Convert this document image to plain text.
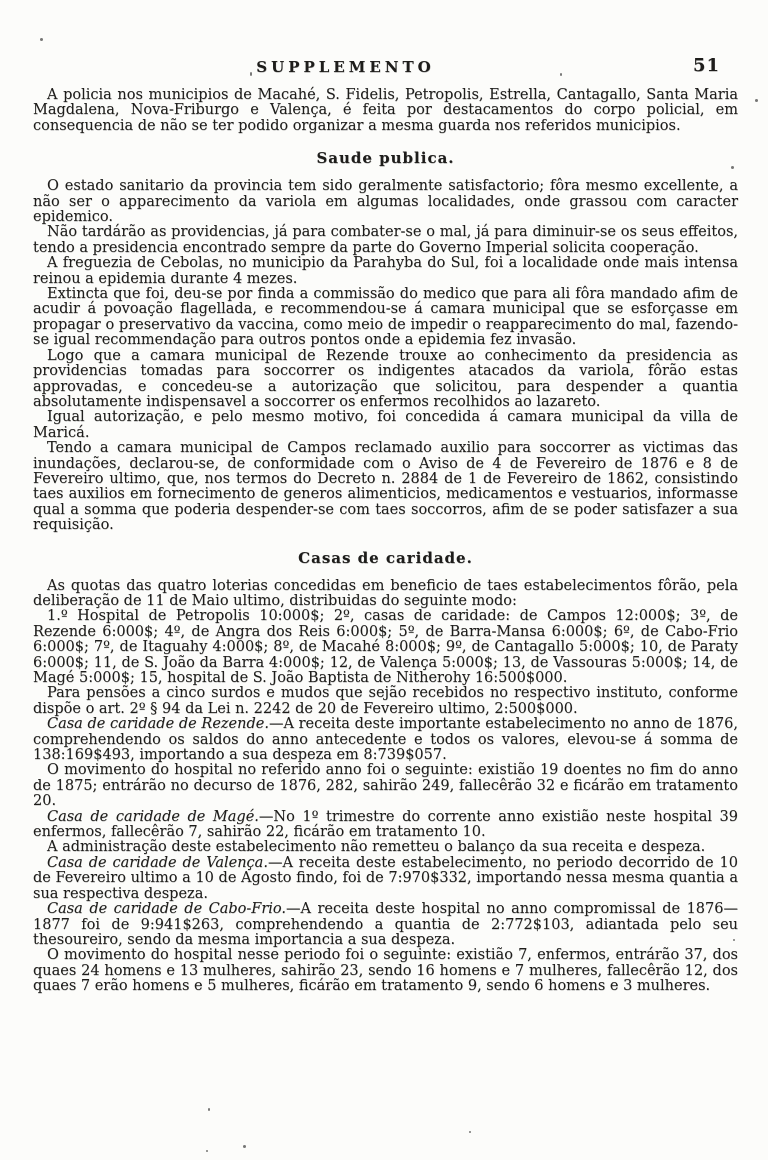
SUPPLEMENTO	51

A policia nos municipios de Macahé, S. Fidelis, Petropolis, Estrella, Cantagallo, Santa Maria Magdalena, Nova-Friburgo e Valença, é feita por destacamentos do corpo policial, em consequencia de não se ter podido organizar a mesma guarda nos referidos municipios.

Saude publica.

O estado sanitario da provincia tem sido geralmente satisfactorio; fôra mesmo excellente, a não ser o apparecimento da variola em algumas localidades, onde grassou com caracter epidemico.

Não tardárão as providencias, já para combater-se o mal, já para diminuir-se os seus effeitos, tendo a presidencia encontrado sempre da parte do Governo Imperial solicita cooperação.

A freguezia de Cebolas, no municipio da Parahyba do Sul, foi a localidade onde mais intensa reinou a epidemia durante 4 mezes.

Extincta que foi, deu-se por finda a commissão do medico que para ali fôra mandado afim de acudir á povoação flagellada, e recommendou-se á camara municipal que se esforçasse em propagar o preservativo da vaccina, como meio de impedir o reapparecimento do mal, fazendo-se igual recommendação para outros pontos onde a epidemia fez invasão.

Logo que a camara municipal de Rezende trouxe ao conhecimento da presidencia as providencias tomadas para soccorrer os indigentes atacados da variola, fôrão estas approvadas, e concedeu-se a autorização que solicitou, para despender a quantia absolutamente indispensavel a soccorrer os enfermos recolhidos ao lazareto.

Igual autorização, e pelo mesmo motivo, foi concedida á camara municipal da villa de Maricá.

Tendo a camara municipal de Campos reclamado auxilio para soccorrer as victimas das inundações, declarou-se, de conformidade com o Aviso de 4 de Fevereiro de 1876 e 8 de Fevereiro ultimo, que, nos termos do Decreto n. 2884 de 1 de Fevereiro de 1862, consistindo taes auxilios em fornecimento de generos alimenticios, medicamentos e vestuarios, informasse qual a somma que poderia despender-se com taes soccorros, afim de se poder satisfazer a sua requisição.

Casas de caridade.

As quotas das quatro loterias concedidas em beneficio de taes estabelecimentos fôrão, pela deliberação de 11 de Maio ultimo, distribuidas do seguinte modo:

1.º Hospital de Petropolis 10:000$; 2º, casas de caridade: de Campos 12:000$; 3º, de Rezende 6:000$; 4º, de Angra dos Reis 6:000$; 5º, de Barra-Mansa 6:000$; 6º, de Cabo-Frio 6:000$; 7º, de Itaguahy 4:000$; 8º, de Macahé 8:000$; 9º, de Cantagallo 5:000$; 10, de Paraty 6:000$; 11, de S. João da Barra 4:000$; 12, de Valença 5:000$; 13, de Vassouras 5:000$; 14, de Magé 5:000$; 15, hospital de S. João Baptista de Nitherohy 16:500$000.

Para pensões a cinco surdos e mudos que sejão recebidos no respectivo instituto, conforme dispõe o art. 2º § 94 da Lei n. 2242 de 20 de Fevereiro ultimo, 2:500$000.

Casa de caridade de Rezende.—A receita deste importante estabelecimento no anno de 1876, comprehendendo os saldos do anno antecedente e todos os valores, elevou-se á somma de 138:169$493, importando a sua despeza em 8:739$057.

O movimento do hospital no referido anno foi o seguinte: existião 19 doentes no fim do anno de 1875; entrárão no decurso de 1876, 282, sahirão 249, fallecêrão 32 e ficárão em tratamento 20.

Casa de caridade de Magé.—No 1º trimestre do corrente anno existião neste hospital 39 enfermos, fallecêrão 7, sahirão 22, ficárão em tratamento 10.

A administração deste estabelecimento não remetteu o balanço da sua receita e despeza.

Casa de caridade de Valença.—A receita deste estabelecimento, no periodo decorrido de 10 de Fevereiro ultimo a 10 de Agosto findo, foi de 7:970$332, importando nessa mesma quantia a sua respectiva despeza.

Casa de caridade de Cabo-Frio.—A receita deste hospital no anno compromissal de 1876—1877 foi de 9:941$263, comprehendendo a quantia de 2:772$103, adiantada pelo seu thesoureiro, sendo da mesma importancia a sua despeza.

O movimento do hospital nesse periodo foi o seguinte: existião 7, enfermos, entrárão 37, dos quaes 24 homens e 13 mulheres, sahirão 23, sendo 16 homens e 7 mulheres, fallecêrão 12, dos quaes 7 erão homens e 5 mulheres, ficárão em tratamento 9, sendo 6 homens e 3 mulheres.
